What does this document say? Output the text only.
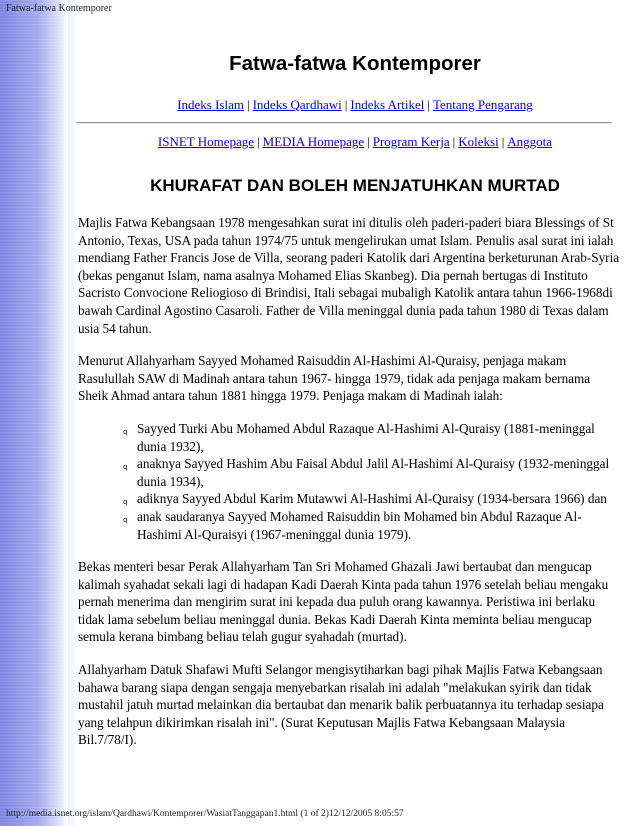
Fatwa-fatwa Kontemporer
Fatwa-fatwa Kontemporer
Indeks Islam | Indeks Qardhawi | Indeks Artikel | Tentang Pengarang
ISNET Homepage | MEDIA Homepage | Program Kerja | Koleksi | Anggota
KHURAFAT DAN BOLEH MENJATUHKAN MURTAD

Majlis Fatwa Kebangsaan 1978 mengesahkan surat ini ditulis oleh paderi-paderi biara Blessings of St Antonio, Texas, USA pada tahun 1974/75 untuk mengelirukan umat Islam. Penulis asal surat ini ialah mendiang Father Francis Jose de Villa, seorang paderi Katolik dari Argentina berketurunan Arab-Syria (bekas penganut Islam, nama asalnya Mohamed Elias Skanbeg). Dia pernah bertugas di Instituto Sacristo Convocione Reliogioso di Brindisi, Itali sebagai mubaligh Katolik antara tahun 1966-1968di bawah Cardinal Agostino Casaroli. Father de Villa meninggal dunia pada tahun 1980 di Texas dalam usia 54 tahun.

Menurut Allahyarham Sayyed Mohamed Raisuddin Al-Hashimi Al-Quraisy, penjaga makam Rasulullah SAW di Madinah antara tahun 1967- hingga 1979, tidak ada penjaga makam bernama Sheik Ahmad antara tahun 1881 hingga 1979. Penjaga makam di Madinah ialah:

q Sayyed Turki Abu Mohamed Abdul Razaque Al-Hashimi Al-Quraisy (1881-meninggal dunia 1932),
q anaknya Sayyed Hashim Abu Faisal Abdul Jalil Al-Hashimi Al-Quraisy (1932-meninggal dunia 1934),
q adiknya Sayyed Abdul Karim Mutawwi Al-Hashimi Al-Quraisy (1934-bersara 1966) dan
q anak saudaranya Sayyed Mohamed Raisuddin bin Mohamed bin Abdul Razaque Al-Hashimi Al-Quraisyi (1967-meninggal dunia 1979).

Bekas menteri besar Perak Allahyarham Tan Sri Mohamed Ghazali Jawi bertaubat dan mengucap kalimah syahadat sekali lagi di hadapan Kadi Daerah Kinta pada tahun 1976 setelah beliau mengaku pernah menerima dan mengirim surat ini kepada dua puluh orang kawannya. Peristiwa ini berlaku tidak lama sebelum beliau meninggal dunia. Bekas Kadi Daerah Kinta meminta beliau mengucap semula kerana bimbang beliau telah gugur syahadah (murtad).

Allahyarham Datuk Shafawi Mufti Selangor mengisytiharkan bagi pihak Majlis Fatwa Kebangsaan bahawa barang siapa dengan sengaja menyebarkan risalah ini adalah "melakukan syirik dan tidak mustahil jatuh murtad melainkan dia bertaubat dan menarik balik perbuatannya itu terhadap sesiapa yang telahpun dikirimkan risalah ini". (Surat Keputusan Majlis Fatwa Kebangsaan Malaysia Bil.7/78/I).

http://media.isnet.org/islam/Qardhawi/Kontemporer/WasiatTanggapan1.html (1 of 2)12/12/2005 8:05:57
